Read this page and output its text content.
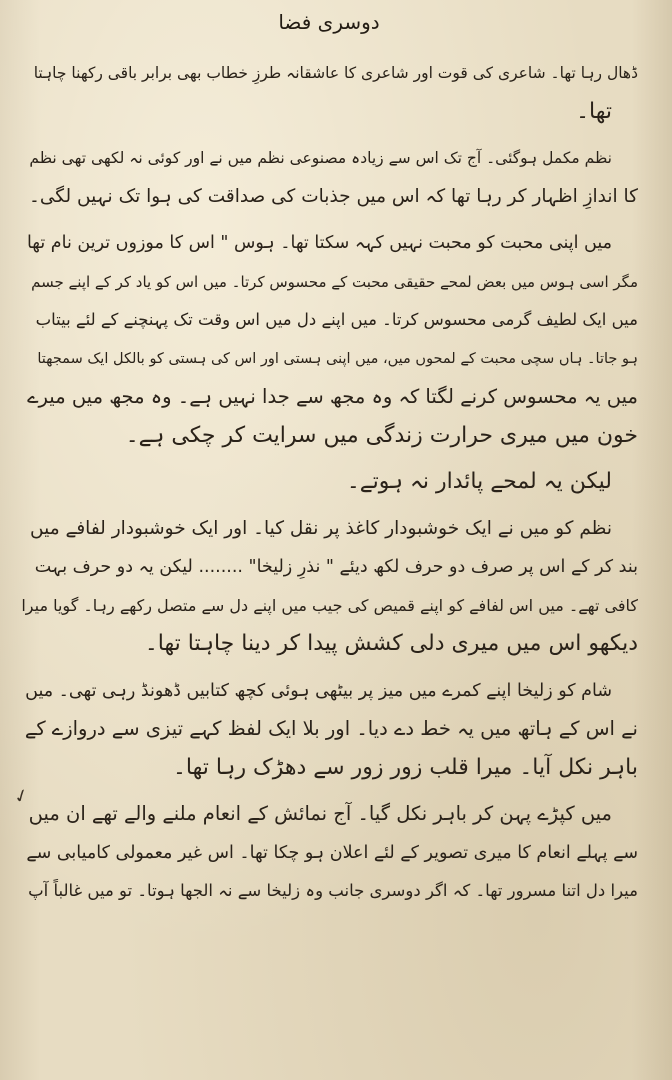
دوسری فضا
ڈھال رہا تھا۔ شاعری کی قوت اور شاعری کا عاشقانہ طرزِ خطاب بھی برابر باقی رکھنا چاہتا
تھا۔
نظم مکمل ہوگئی۔ آج تک اس سے زیادہ مصنوعی نظم میں نے اور کوئی نہ لکھی تھی نظم
کا اندازِ اظہار کر رہا تھا کہ اس میں جذبات کی صداقت کی ہوا تک نہیں لگی۔
میں اپنی محبت کو محبت نہیں کہہ سکتا تھا۔ ہوس " اس کا موزوں ترین نام تھا
مگر اسی ہوس میں بعض لمحے حقیقی محبت کے محسوس کرتا۔ میں اس کو یاد کر کے اپنے جسم
میں ایک لطیف گرمی محسوس کرتا۔ میں اپنے دل میں اس وقت تک پہنچنے کے لئے بیتاب
ہو جاتا۔ ہاں سچی محبت کے لمحوں میں، میں اپنی ہستی اور اس کی ہستی کو بالکل ایک سمجھتا
میں یہ محسوس کرنے لگتا کہ وہ مجھ سے جدا نہیں ہے۔ وہ مجھ میں میرے
خون میں میری حرارت زندگی میں سرایت کر چکی ہے۔
لیکن یہ لمحے پائدار نہ ہوتے۔
نظم کو میں نے ایک خوشبودار کاغذ پر نقل کیا۔ اور ایک خوشبودار لفافے میں
بند کر کے اس پر صرف دو حرف لکھ دیئے " نذرِ زلیخا" ........ لیکن یہ دو حرف بہت
کافی تھے۔ میں اس لفافے کو اپنے قمیص کی جیب میں اپنے دل سے متصل رکھے رہا۔ گویا میرا
دیکھو اس میں میری دلی کشش پیدا کر دینا چاہتا تھا۔
شام کو زلیخا اپنے کمرے میں میز پر بیٹھی ہوئی کچھ کتابیں ڈھونڈ رہی تھی۔ میں
نے اس کے ہاتھ میں یہ خط دے دیا۔ اور بلا ایک لفظ کہے تیزی سے دروازے کے
باہر نکل آیا۔ میرا قلب زور زور سے دھڑک رہا تھا۔
میں کپڑے پہن کر باہر نکل گیا۔ آج نمائش کے انعام ملنے والے تھے ان میں
سے پہلے انعام کا میری تصویر کے لئے اعلان ہو چکا تھا۔ اس غیر معمولی کامیابی سے
میرا دل اتنا مسرور تھا۔ کہ اگر دوسری جانب وہ زلیخا سے نہ الجھا ہوتا۔ تو میں غالباً آپ
✓
